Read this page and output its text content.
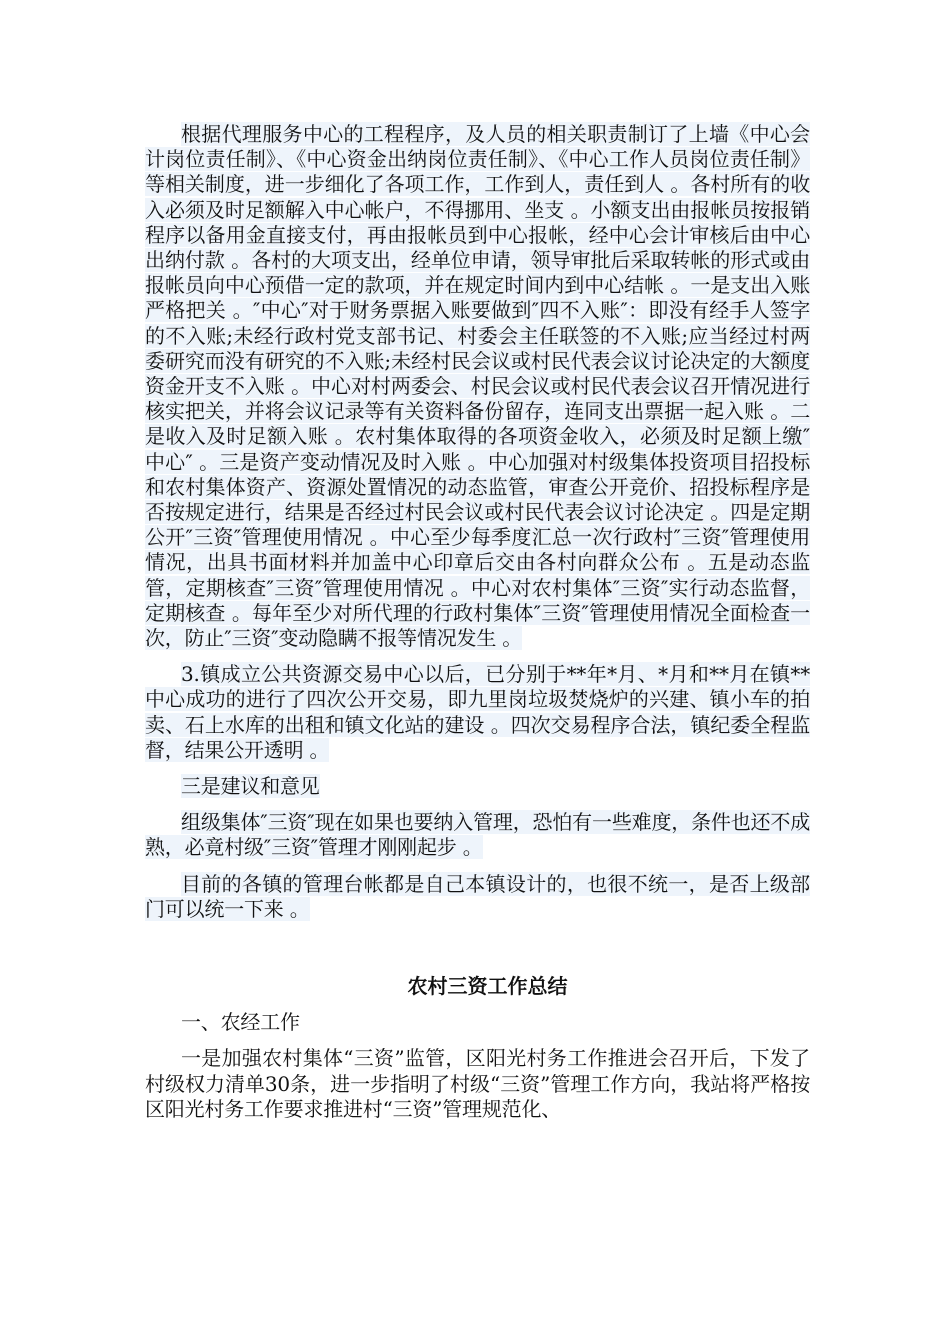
根据代理服务中心的工程程序，及人员的相关职责制订了上墙《中心会计岗位责任制》、《中心资金出纳岗位责任制》、《中心工作人员岗位责任制》等相关制度，进一步细化了各项工作，工作到人，责任到人 。各村所有的收入必须及时足额解入中心帐户，不得挪用、坐支 。小额支出由报帐员按报销程序以备用金直接支付，再由报帐员到中心报帐，经中心会计审核后由中心出纳付款 。各村的大项支出，经单位申请，领导审批后采取转帐的形式或由报帐员向中心预借一定的款项，并在规定时间内到中心结帐 。一是支出入账严格把关 。″中心″对于财务票据入账要做到″四不入账″：即没有经手人签字的不入账;未经行政村党支部书记、村委会主任联签的不入账;应当经过村两委研究而没有研究的不入账;未经村民会议或村民代表会议讨论决定的大额度资金开支不入账 。中心对村两委会、村民会议或村民代表会议召开情况进行核实把关，并将会议记录等有关资料备份留存，连同支出票据一起入账 。二是收入及时足额入账 。农村集体取得的各项资金收入，必须及时足额上缴″中心″ 。三是资产变动情况及时入账 。中心加强对村级集体投资项目招投标和农村集体资产、资源处置情况的动态监管，审查公开竞价、招投标程序是否按规定进行，结果是否经过村民会议或村民代表会议讨论决定 。四是定期公开″三资″管理使用情况 。中心至少每季度汇总一次行政村″三资″管理使用情况，出具书面材料并加盖中心印章后交由各村向群众公布 。五是动态监管，定期核查″三资″管理使用情况 。中心对农村集体″三资″实行动态监督，定期核查 。每年至少对所代理的行政村集体″三资″管理使用情况全面检查一次，防止″三资″变动隐瞒不报等情况发生 。

3.镇成立公共资源交易中心以后，已分别于**年*月、*月和**月在镇**中心成功的进行了四次公开交易，即九里岗垃圾焚烧炉的兴建、镇小车的拍卖、石上水库的出租和镇文化站的建设 。四次交易程序合法，镇纪委全程监督，结果公开透明 。

三是建议和意见

组级集体″三资″现在如果也要纳入管理，恐怕有一些难度，条件也还不成熟，必竟村级″三资″管理才刚刚起步 。

目前的各镇的管理台帐都是自己本镇设计的，也很不统一，是否上级部门可以统一下来 。

农村三资工作总结

一、农经工作

一是加强农村集体“三资”监管，区阳光村务工作推进会召开后，下发了村级权力清单30条，进一步指明了村级“三资”管理工作方向，我站将严格按区阳光村务工作要求推进村“三资”管理规范化、
